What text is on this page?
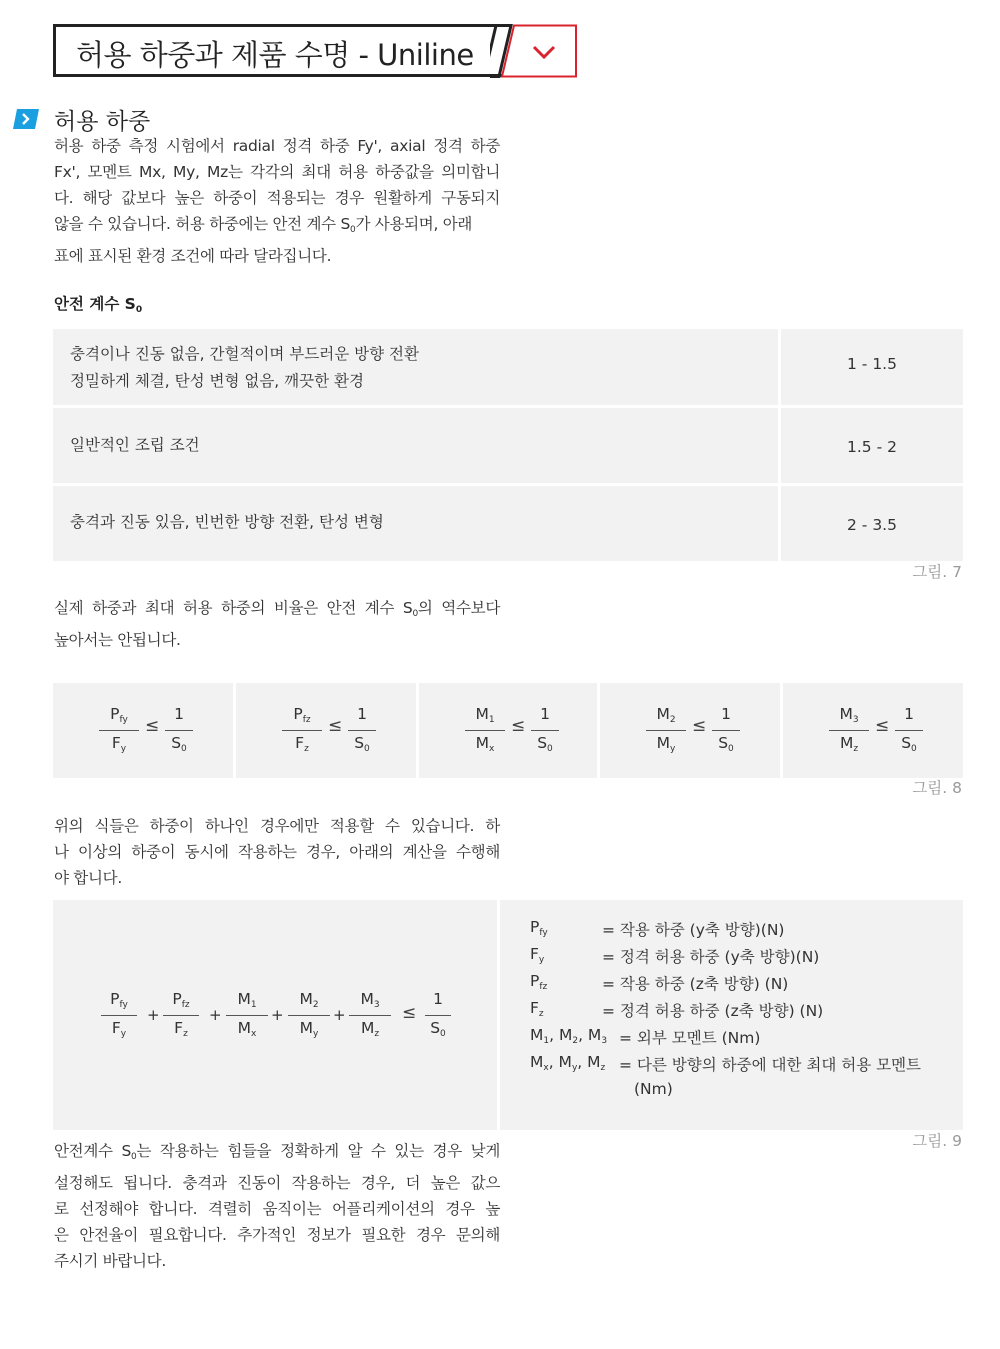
허용 하중과 제품 수명 - Uniline
허용 하중
허용 하중 측정 시험에서 radial 정격 하중 Fy', axial 정격 하중
Fx', 모멘트 Mx, My, Mz는 각각의 최대 허용 하중값을 의미합니
다. 해당 값보다 높은 하중이 적용되는 경우 원활하게 구동되지
않을 수 있습니다. 허용 하중에는 안전 계수 $S_0$가 사용되며, 아래
표에 표시된 환경 조건에 따라 달라집니다.
안전 계수 $S_0$
충격이나 진동 없음, 간헐적이며 부드러운 방향 전환
정밀하게 체결, 탄성 변형 없음, 깨끗한 환경
1 - 1.5
일반적인 조립 조건	1.5 - 2
충격과 진동 있음, 빈번한 방향 전환, 탄성 변형	2 - 3.5
그림. 7
실제 하중과 최대 허용 하중의 비율은 안전 계수 $S_0$의 역수보다
높아서는 안됩니다.
$P_{fy}$
$F_y$
≤
1
$S_0$
$P_{fz}$
$F_z$
≤
1
$S_0$
$M_1$
$M_x$
≤
1
$S_0$
$M_2$
$M_y$
≤
1
$S_0$
$M_3$
$M_z$
≤
1
$S_0$
그림. 8
위의 식들은 하중이 하나인 경우에만 적용할 수 있습니다. 하
나 이상의 하중이 동시에 작용하는 경우, 아래의 계산을 수행해
야 합니다.
$P_{fy}$
$F_y$
+
$P_{fz}$
$F_z$
+
$M_1$
$M_x$
+
$M_2$
$M_y$
+
$M_3$
$M_z$
≤
1
$S_0$
$P_{fy}$	= 작용 하중 (y축 방향)(N)
$F_y$	= 정격 허용 하중 (y축 방향)(N)
$P_{fz}$	= 작용 하중 (z축 방향) (N)
$F_z$	= 정격 허용 하중 (z축 방향) (N)
$M_1$, $M_2$, $M_3$ = 외부 모멘트 (Nm)
$M_x$, $M_y$, $M_z$ = 다른 방향의 하중에 대한 최대 허용 모멘트
(Nm)
그림. 9
안전계수 $S_0$는 작용하는 힘들을 정확하게 알 수 있는 경우 낮게
설정해도 됩니다. 충격과 진동이 작용하는 경우, 더 높은 값으
로 선정해야 합니다. 격렬히 움직이는 어플리케이션의 경우 높
은 안전율이 필요합니다. 추가적인 정보가 필요한 경우 문의해
주시기 바랍니다.
